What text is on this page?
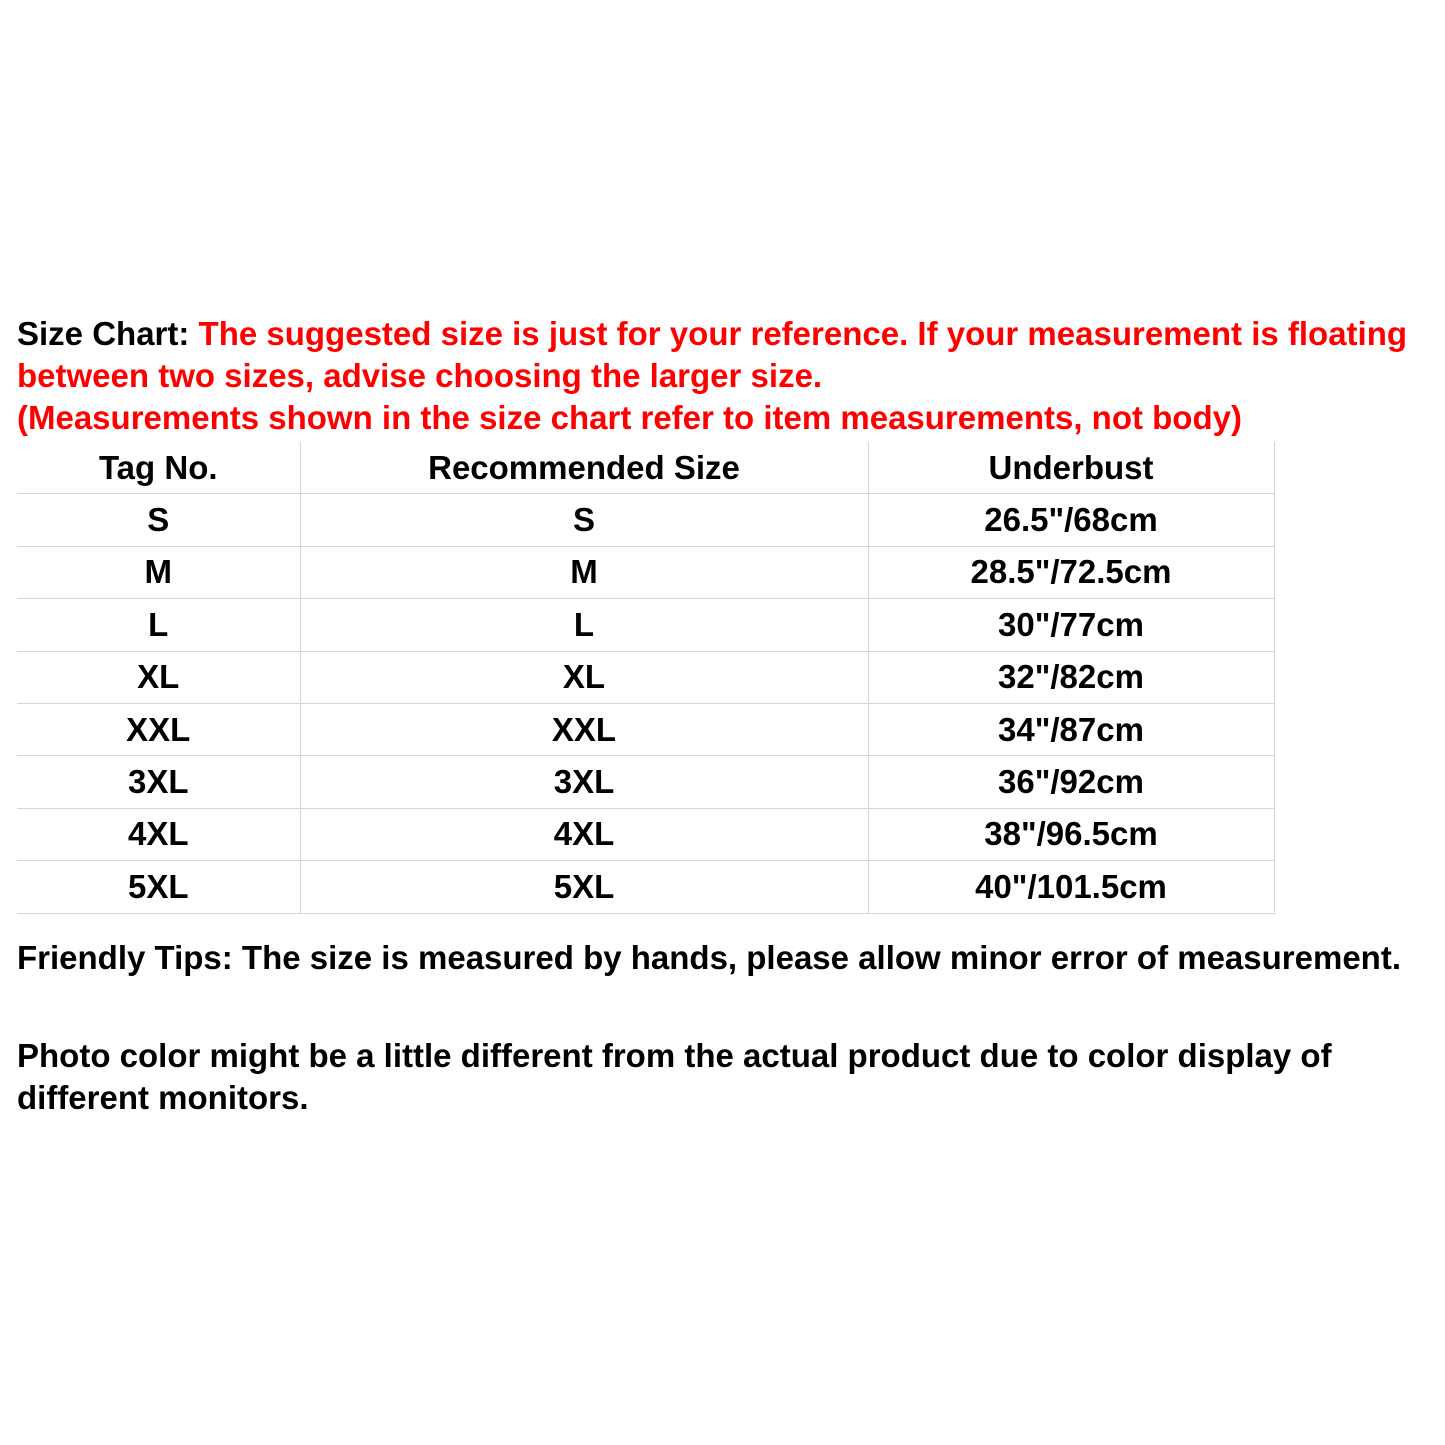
Size Chart: The suggested size is just for your reference. If your measurement is floating between two sizes, advise choosing the larger size.
(Measurements shown in the size chart refer to item measurements, not body)

Tag No.	Recommended Size	Underbust
S	S	26.5"/68cm
M	M	28.5"/72.5cm
L	L	30"/77cm
XL	XL	32"/82cm
XXL	XXL	34"/87cm
3XL	3XL	36"/92cm
4XL	4XL	38"/96.5cm
5XL	5XL	40"/101.5cm

Friendly Tips: The size is measured by hands, please allow minor error of measurement.

Photo color might be a little different from the actual product due to color display of different monitors.
